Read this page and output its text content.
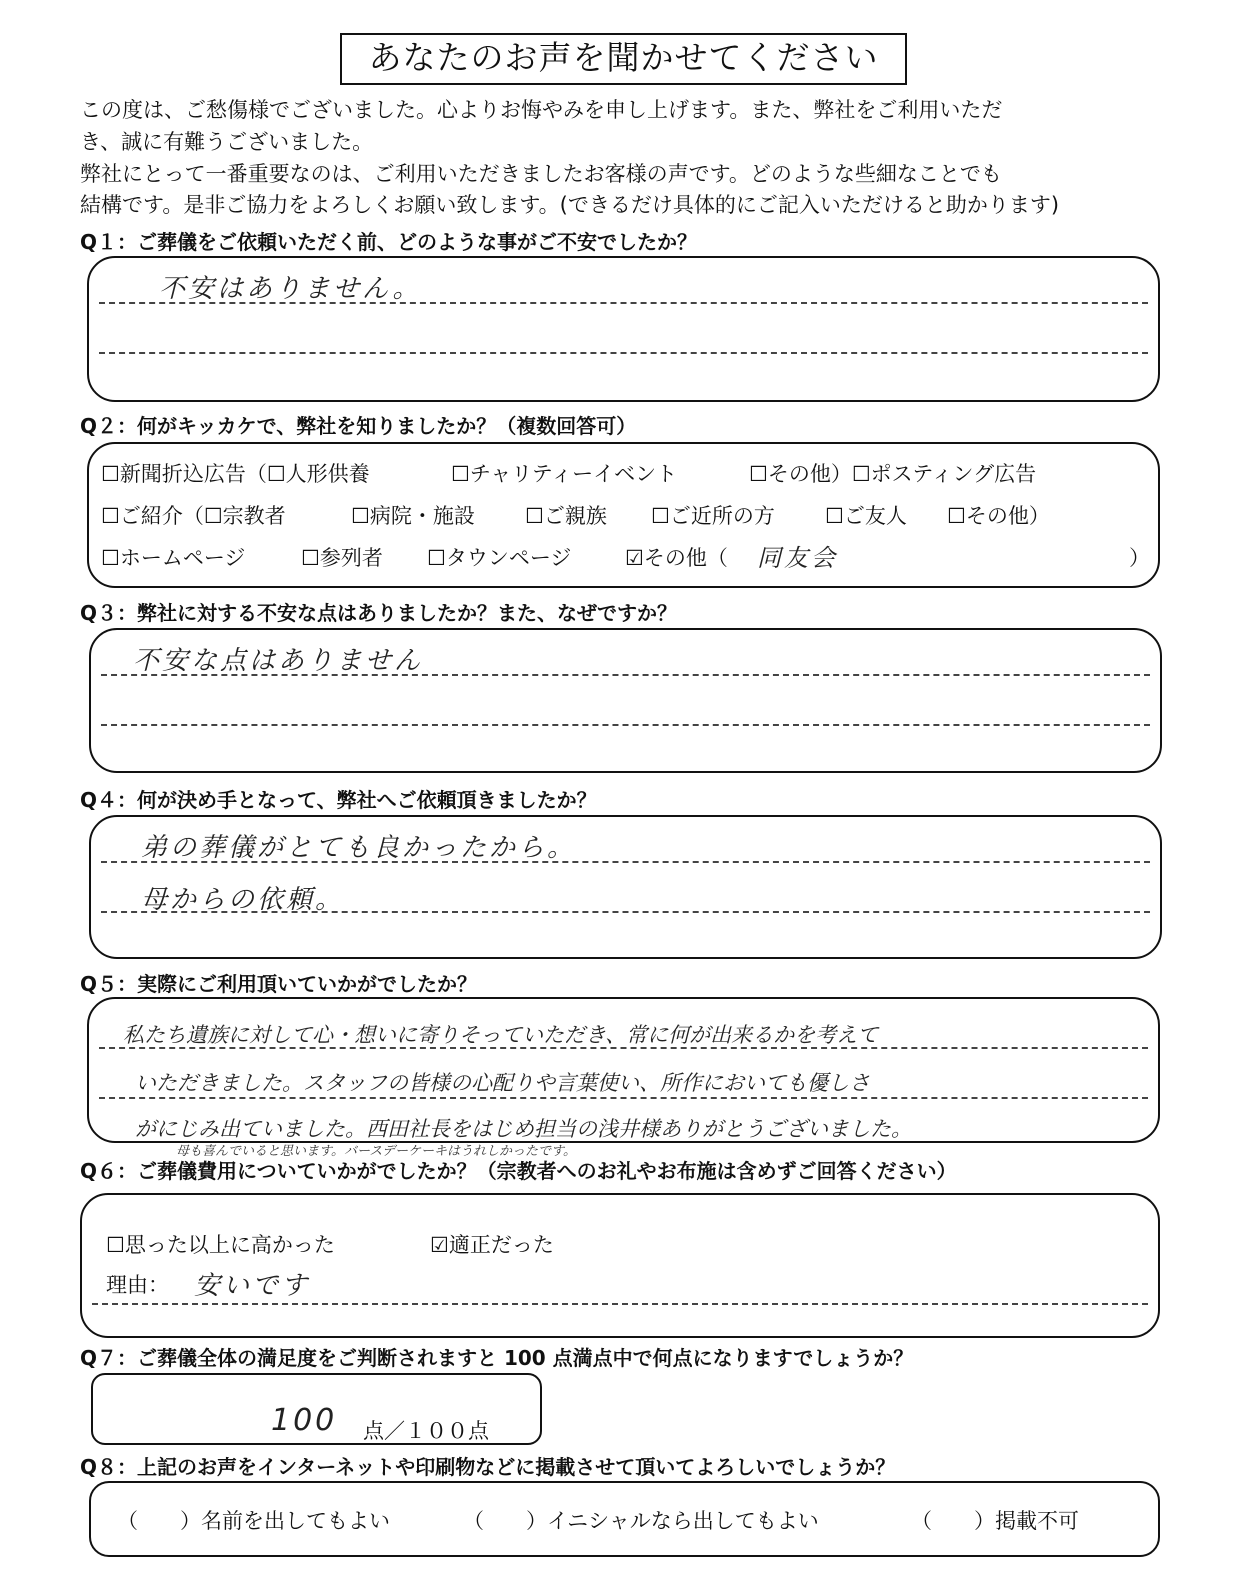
あなたのお声を聞かせてください
この度は、ご愁傷様でございました。心よりお悔やみを申し上げます。また、弊社をご利用いただ
き、誠に有難うございました。
弊社にとって一番重要なのは、ご利用いただきましたお客様の声です。どのような些細なことでも
結構です。是非ご協力をよろしくお願い致します。(できるだけ具体的にご記入いただけると助かります)
Q１：ご葬儀をご依頼いただく前、どのような事がご不安でしたか？
不安はありません。
Q２：何がキッカケで、弊社を知りましたか？（複数回答可）
☐新聞折込広告（☐人形供養	☐チャリティーイベント	☐その他）☐ポスティング広告
☐ご紹介（☐宗教者	☐病院・施設 ☐ご親族 ☐ご近所の方 ☐ご友人 ☐その他）
☐ホームページ	☐参列者 ☐タウンページ	☑その他（ 同友会	）
Q３：弊社に対する不安な点はありましたか？また、なぜですか？
不安な点はありません
Q４：何が決め手となって、弊社へご依頼頂きましたか？
弟の葬儀がとても良かったから。
母からの依頼。
Q５：実際にご利用頂いていかがでしたか？
私たち遺族に対して心・想いに寄りそっていただき、常に何が出来るかを考えて
いただきました。スタッフの皆様の心配りや言葉使い、所作においても優しさ
がにじみ出ていました。西田社長をはじめ担当の浅井様ありがとうございました。
母も喜んでいると思います。バースデーケーキはうれしかったです。
Q６：ご葬儀費用についていかがでしたか？（宗教者へのお礼やお布施は含めずご回答ください）
☐思った以上に高かった	☑適正だった
理由： 安いです
Q７：ご葬儀全体の満足度をご判断されますと 100 点満点中で何点になりますでしょうか？
100 点／１００点
Q８：上記のお声をインターネットや印刷物などに掲載させて頂いてよろしいでしょうか？
（　　）名前を出してもよい	（　　）イニシャルなら出してもよい	（　　）掲載不可
